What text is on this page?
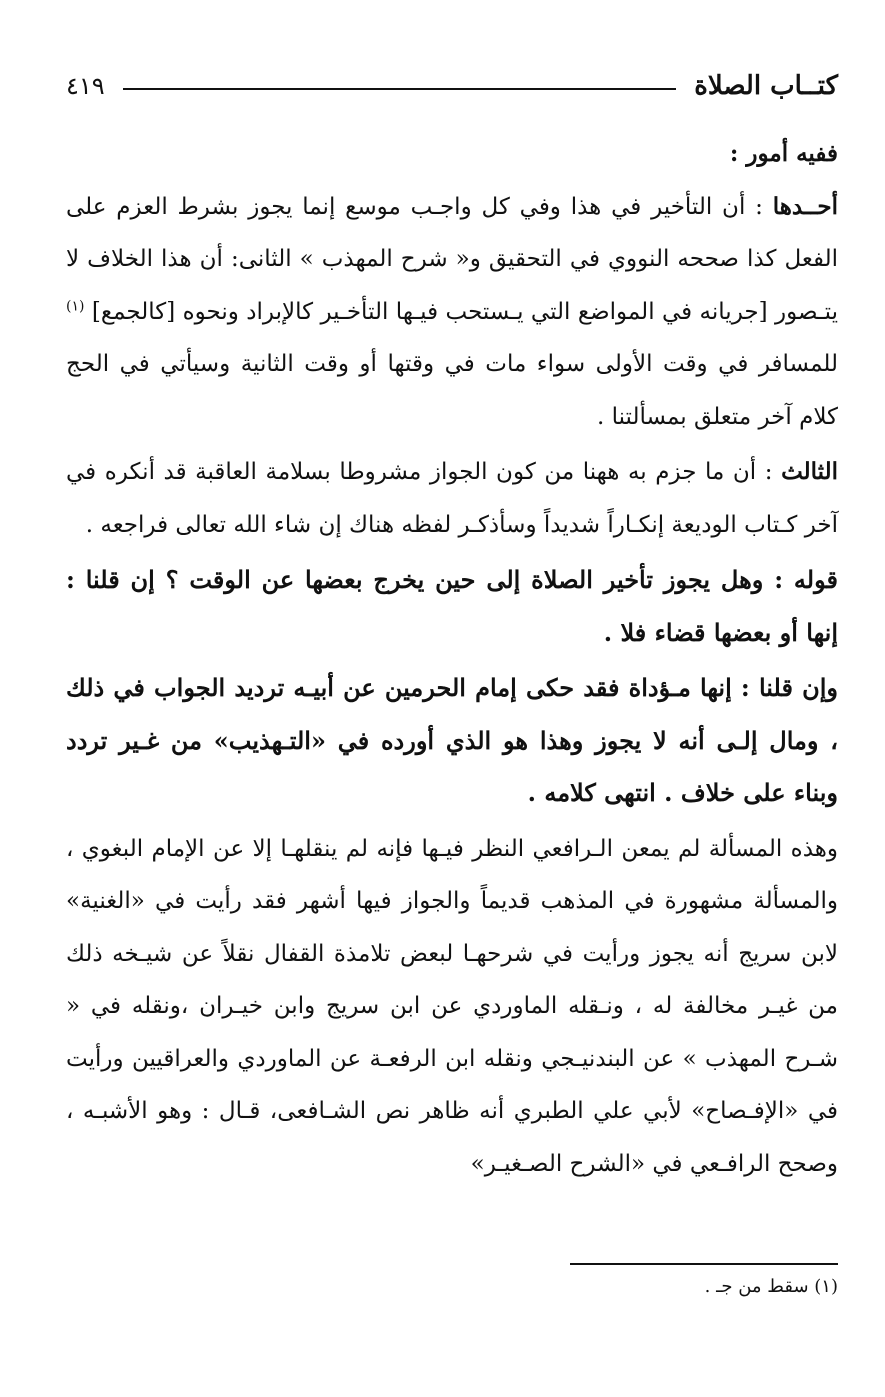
كتــاب الصلاة
٤١٩

ففيه أمور :

أحــدها : أن التأخير في هذا وفي كل واجـب موسع إنما يجوز بشرط العزم على الفعل كذا صححه النووي في التحقيق و« شرح المهذب » الثانى: أن هذا الخلاف لا يتـصور [جريانه في المواضع التي يـستحب فيـها التأخـير كالإبراد ونحوه [كالجمع] $^{(١)}$ للمسافر في وقت الأولى سواء مات في وقتها أو وقت الثانية وسيأتي في الحج كلام آخر متعلق بمسألتنا .

الثالث : أن ما جزم به ههنا من كون الجواز مشروطا بسلامة العاقبة قد أنكره في آخر كـتاب الوديعة إنكـاراً شديداً وسأذكـر لفظه هناك إن شاء الله تعالى فراجعه .

قوله : وهل يجوز تأخير الصلاة إلى حين يخرج بعضها عن الوقت ؟ إن قلنا : إنها أو بعضها قضاء فلا .

وإن قلنا : إنها مـؤداة فقد حكى إمام الحرمين عن أبيـه ترديد الجواب في ذلك ، ومال إلـى أنه لا يجوز وهذا هو الذي أورده في «التـهذيب» من غـير تردد وبناء على خلاف . انتهى كلامه .

وهذه المسألة لم يمعن الـرافعي النظر فيـها فإنه لم ينقلهـا إلا عن الإمام البغوي ، والمسألة مشهورة في المذهب قديماً والجواز فيها أشهر فقد رأيت في «الغنية» لابن سريج أنه يجوز ورأيت في شرحهـا لبعض تلامذة القفال نقلاً عن شيـخه ذلك من غيـر مخالفة له ، ونـقله الماوردي عن ابن سريج وابن خيـران ،ونقله في « شـرح المهذب » عن البندنيـجي ونقله ابن الرفعـة عن الماوردي والعراقيين ورأيت في «الإفـصاح» لأبي علي الطبري أنه ظاهر نص الشـافعى، قـال : وهو الأشبـه ، وصحح الرافـعي في «الشرح الصـغيـر»

(١) سقط من جـ .
